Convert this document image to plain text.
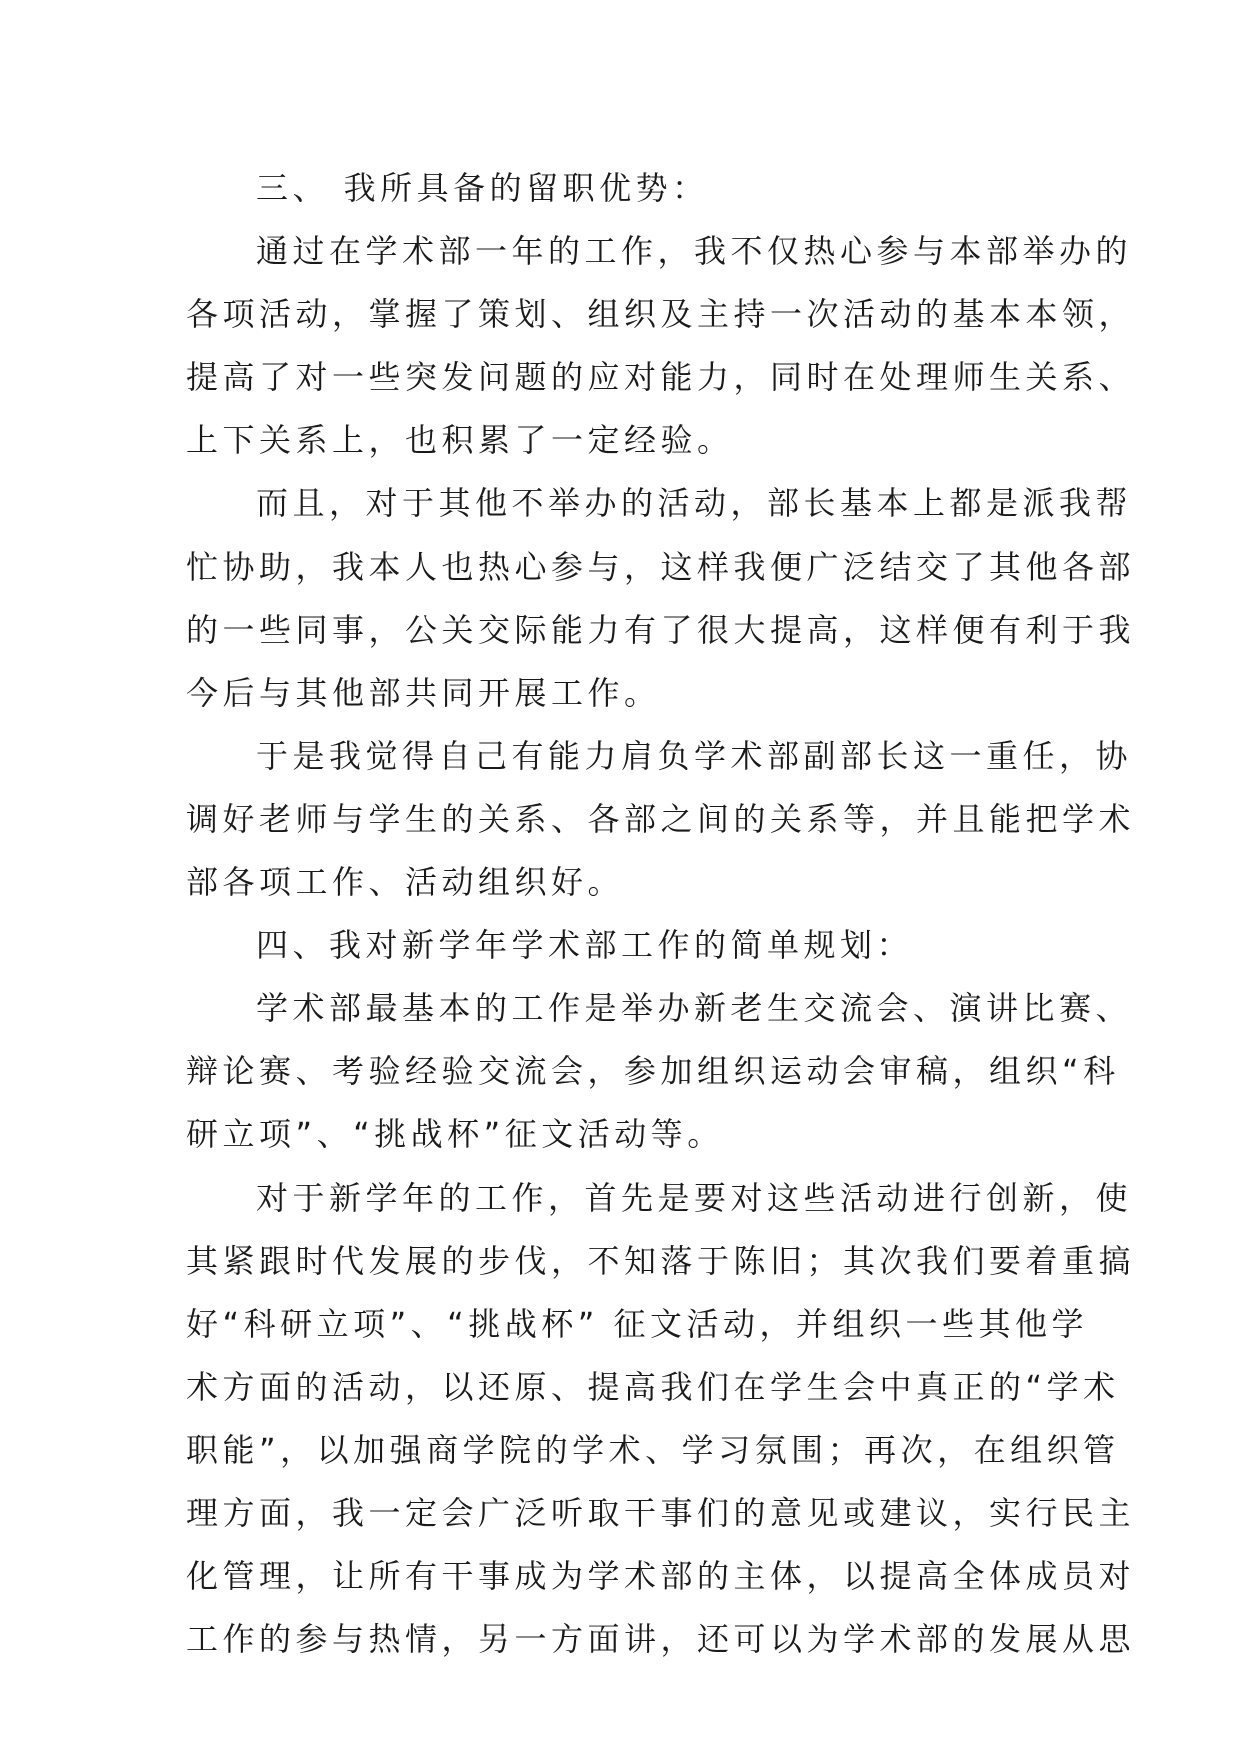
三、 我所具备的留职优势：
通过在学术部一年的工作，我不仅热心参与本部举办的
各项活动，掌握了策划、组织及主持一次活动的基本本领，
提高了对一些突发问题的应对能力，同时在处理师生关系、
上下关系上，也积累了一定经验。
而且，对于其他不举办的活动，部长基本上都是派我帮
忙协助，我本人也热心参与，这样我便广泛结交了其他各部
的一些同事，公关交际能力有了很大提高，这样便有利于我
今后与其他部共同开展工作。
于是我觉得自己有能力肩负学术部副部长这一重任，协
调好老师与学生的关系、各部之间的关系等，并且能把学术
部各项工作、活动组织好。
四、我对新学年学术部工作的简单规划：
学术部最基本的工作是举办新老生交流会、演讲比赛、
辩论赛、考验经验交流会，参加组织运动会审稿，组织“科
研立项”、“挑战杯”征文活动等。
对于新学年的工作，首先是要对这些活动进行创新，使
其紧跟时代发展的步伐，不知落于陈旧；其次我们要着重搞
好“科研立项”、“挑战杯” 征文活动，并组织一些其他学
术方面的活动，以还原、提高我们在学生会中真正的“学术
职能”，以加强商学院的学术、学习氛围；再次，在组织管
理方面，我一定会广泛听取干事们的意见或建议，实行民主
化管理，让所有干事成为学术部的主体，以提高全体成员对
工作的参与热情，另一方面讲，还可以为学术部的发展从思
